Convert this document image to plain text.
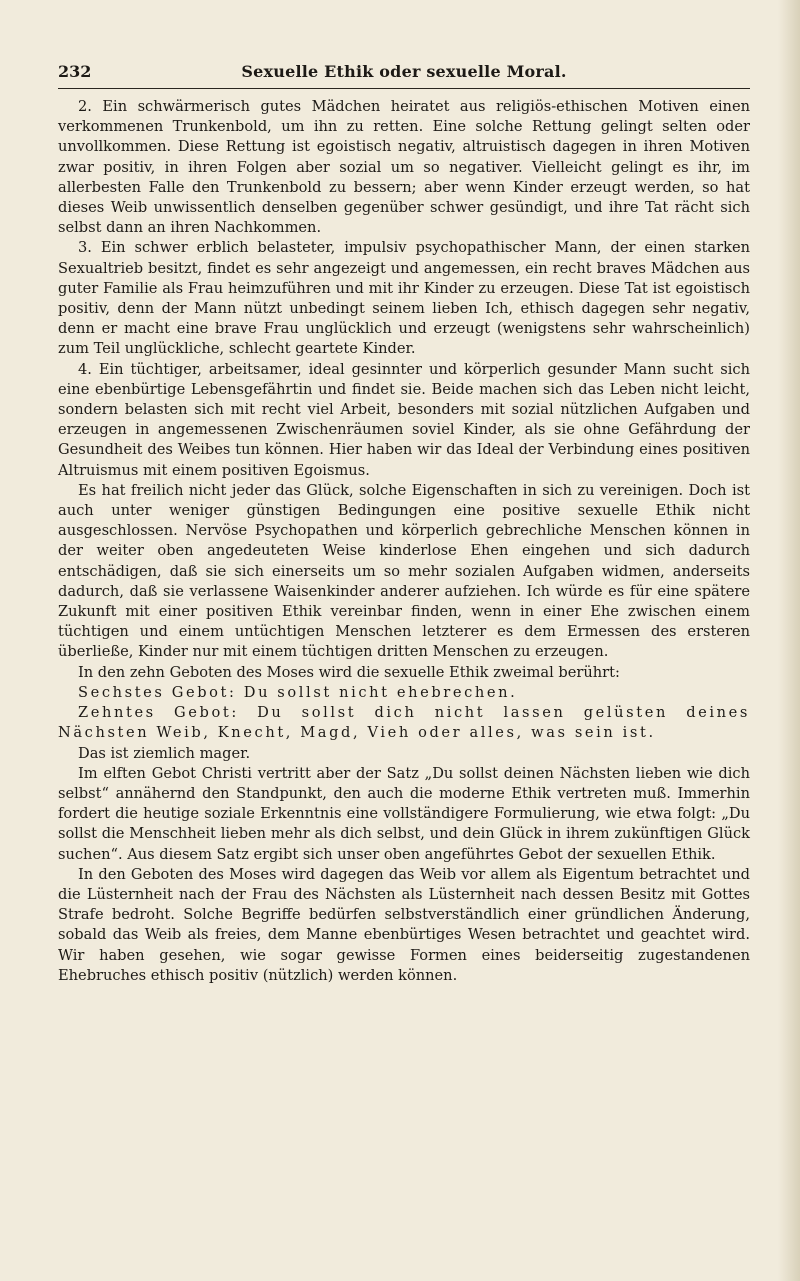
232	Sexuelle Ethik oder sexuelle Moral.

2. Ein schwärmerisch gutes Mädchen heiratet aus religiös-ethischen Motiven einen verkommenen Trunkenbold, um ihn zu retten. Eine solche Rettung gelingt selten oder unvollkommen. Diese Rettung ist egoistisch negativ, altruistisch dagegen in ihren Motiven zwar positiv, in ihren Folgen aber sozial um so negativer. Vielleicht gelingt es ihr, im allerbesten Falle den Trunkenbold zu bessern; aber wenn Kinder erzeugt werden, so hat dieses Weib unwissentlich denselben gegenüber schwer gesündigt, und ihre Tat rächt sich selbst dann an ihren Nachkommen.

3. Ein schwer erblich belasteter, impulsiv psychopathischer Mann, der einen starken Sexualtrieb besitzt, findet es sehr angezeigt und angemessen, ein recht braves Mädchen aus guter Familie als Frau heimzuführen und mit ihr Kinder zu erzeugen. Diese Tat ist egoistisch positiv, denn der Mann nützt unbedingt seinem lieben Ich, ethisch dagegen sehr negativ, denn er macht eine brave Frau unglücklich und erzeugt (wenigstens sehr wahrscheinlich) zum Teil unglückliche, schlecht geartete Kinder.

4. Ein tüchtiger, arbeitsamer, ideal gesinnter und körperlich gesunder Mann sucht sich eine ebenbürtige Lebensgefährtin und findet sie. Beide machen sich das Leben nicht leicht, sondern belasten sich mit recht viel Arbeit, besonders mit sozial nützlichen Aufgaben und erzeugen in angemessenen Zwischenräumen soviel Kinder, als sie ohne Gefährdung der Gesundheit des Weibes tun können. Hier haben wir das Ideal der Verbindung eines positiven Altruismus mit einem positiven Egoismus.

Es hat freilich nicht jeder das Glück, solche Eigenschaften in sich zu vereinigen. Doch ist auch unter weniger günstigen Bedingungen eine positive sexuelle Ethik nicht ausgeschlossen. Nervöse Psychopathen und körperlich gebrechliche Menschen können in der weiter oben angedeuteten Weise kinderlose Ehen eingehen und sich dadurch entschädigen, daß sie sich einerseits um so mehr sozialen Aufgaben widmen, anderseits dadurch, daß sie verlassene Waisenkinder anderer aufziehen. Ich würde es für eine spätere Zukunft mit einer positiven Ethik vereinbar finden, wenn in einer Ehe zwischen einem tüchtigen und einem untüchtigen Menschen letzterer es dem Ermessen des ersteren überließe, Kinder nur mit einem tüchtigen dritten Menschen zu erzeugen.

In den zehn Geboten des Moses wird die sexuelle Ethik zweimal berührt:

Sechstes Gebot: Du sollst nicht ehebrechen.

Zehntes Gebot: Du sollst dich nicht lassen gelüsten deines Nächsten Weib, Knecht, Magd, Vieh oder alles, was sein ist.

Das ist ziemlich mager.

Im elften Gebot Christi vertritt aber der Satz „Du sollst deinen Nächsten lieben wie dich selbst“ annähernd den Standpunkt, den auch die moderne Ethik vertreten muß. Immerhin fordert die heutige soziale Erkenntnis eine vollständigere Formulierung, wie etwa folgt: „Du sollst die Menschheit lieben mehr als dich selbst, und dein Glück in ihrem zukünftigen Glück suchen“. Aus diesem Satz ergibt sich unser oben angeführtes Gebot der sexuellen Ethik.

In den Geboten des Moses wird dagegen das Weib vor allem als Eigentum betrachtet und die Lüsternheit nach der Frau des Nächsten als Lüsternheit nach dessen Besitz mit Gottes Strafe bedroht. Solche Begriffe bedürfen selbstverständlich einer gründlichen Änderung, sobald das Weib als freies, dem Manne ebenbürtiges Wesen betrachtet und geachtet wird. Wir haben gesehen, wie sogar gewisse Formen eines beiderseitig zugestandenen Ehebruches ethisch positiv (nützlich) werden können.
